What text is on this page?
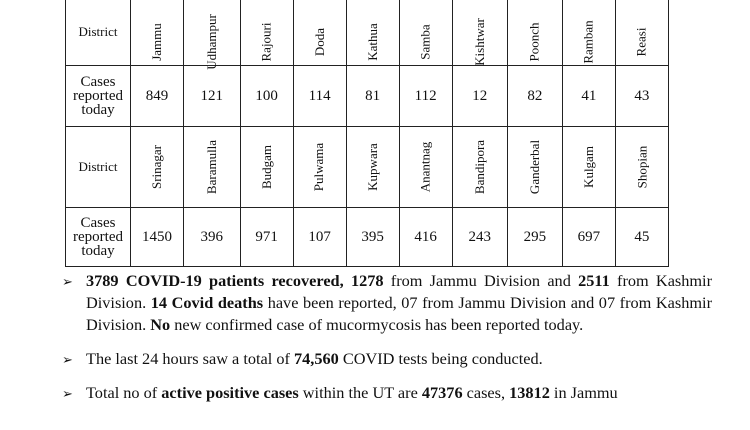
District	Jammu	Udhampur	Rajouri	Doda	Kathua	Samba	Kishtwar	Poonch	Ramban	Reasi
Cases reported today	849	121	100	114	81	112	12	82	41	43
District	Srinagar	Baramulla	Budgam	Pulwama	Kupwara	Anantnag	Bandipora	Ganderbal	Kulgam	Shopian
Cases reported today	1450	396	971	107	395	416	243	295	697	45

➢ 3789 COVID-19 patients recovered, 1278 from Jammu Division and 2511 from Kashmir Division. 14 Covid deaths have been reported, 07 from Jammu Division and 07 from Kashmir Division. No new confirmed case of mucormycosis has been reported today.

➢ The last 24 hours saw a total of 74,560 COVID tests being conducted.

➢ Total no of active positive cases within the UT are 47376 cases, 13812 in Jammu
